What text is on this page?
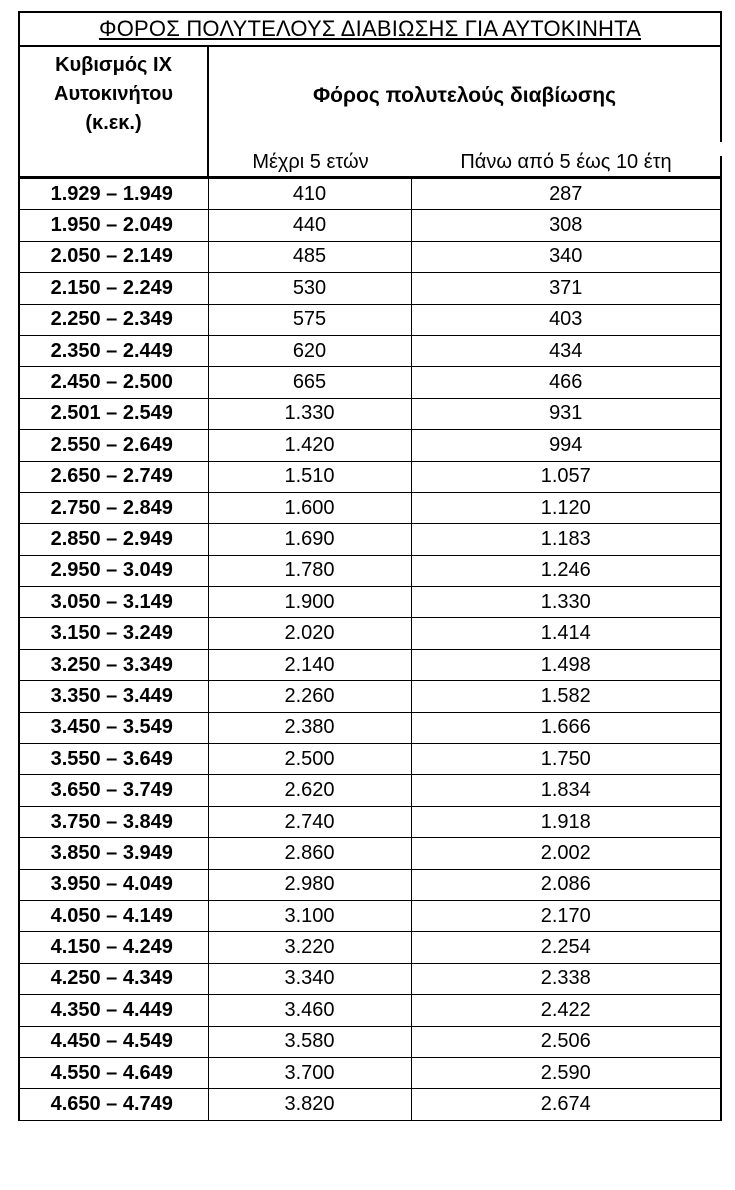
ΦΟΡΟΣ ΠΟΛΥΤΕΛΟΥΣ ΔΙΑΒΙΩΣΗΣ ΓΙΑ ΑΥΤΟΚΙΝΗΤΑ
Κυβισμός ΙΧ
Αυτοκινήτου
(κ.εκ.)
Φόρος πολυτελούς διαβίωσης
Μέχρι 5 ετών	Πάνω από 5 έως 10 έτη
1.929 – 1.949	410	287
1.950 – 2.049	440	308
2.050 – 2.149	485	340
2.150 – 2.249	530	371
2.250 – 2.349	575	403
2.350 – 2.449	620	434
2.450 – 2.500	665	466
2.501 – 2.549	1.330	931
2.550 – 2.649	1.420	994
2.650 – 2.749	1.510	1.057
2.750 – 2.849	1.600	1.120
2.850 – 2.949	1.690	1.183
2.950 – 3.049	1.780	1.246
3.050 – 3.149	1.900	1.330
3.150 – 3.249	2.020	1.414
3.250 – 3.349	2.140	1.498
3.350 – 3.449	2.260	1.582
3.450 – 3.549	2.380	1.666
3.550 – 3.649	2.500	1.750
3.650 – 3.749	2.620	1.834
3.750 – 3.849	2.740	1.918
3.850 – 3.949	2.860	2.002
3.950 – 4.049	2.980	2.086
4.050 – 4.149	3.100	2.170
4.150 – 4.249	3.220	2.254
4.250 – 4.349	3.340	2.338
4.350 – 4.449	3.460	2.422
4.450 – 4.549	3.580	2.506
4.550 – 4.649	3.700	2.590
4.650 – 4.749	3.820	2.674
